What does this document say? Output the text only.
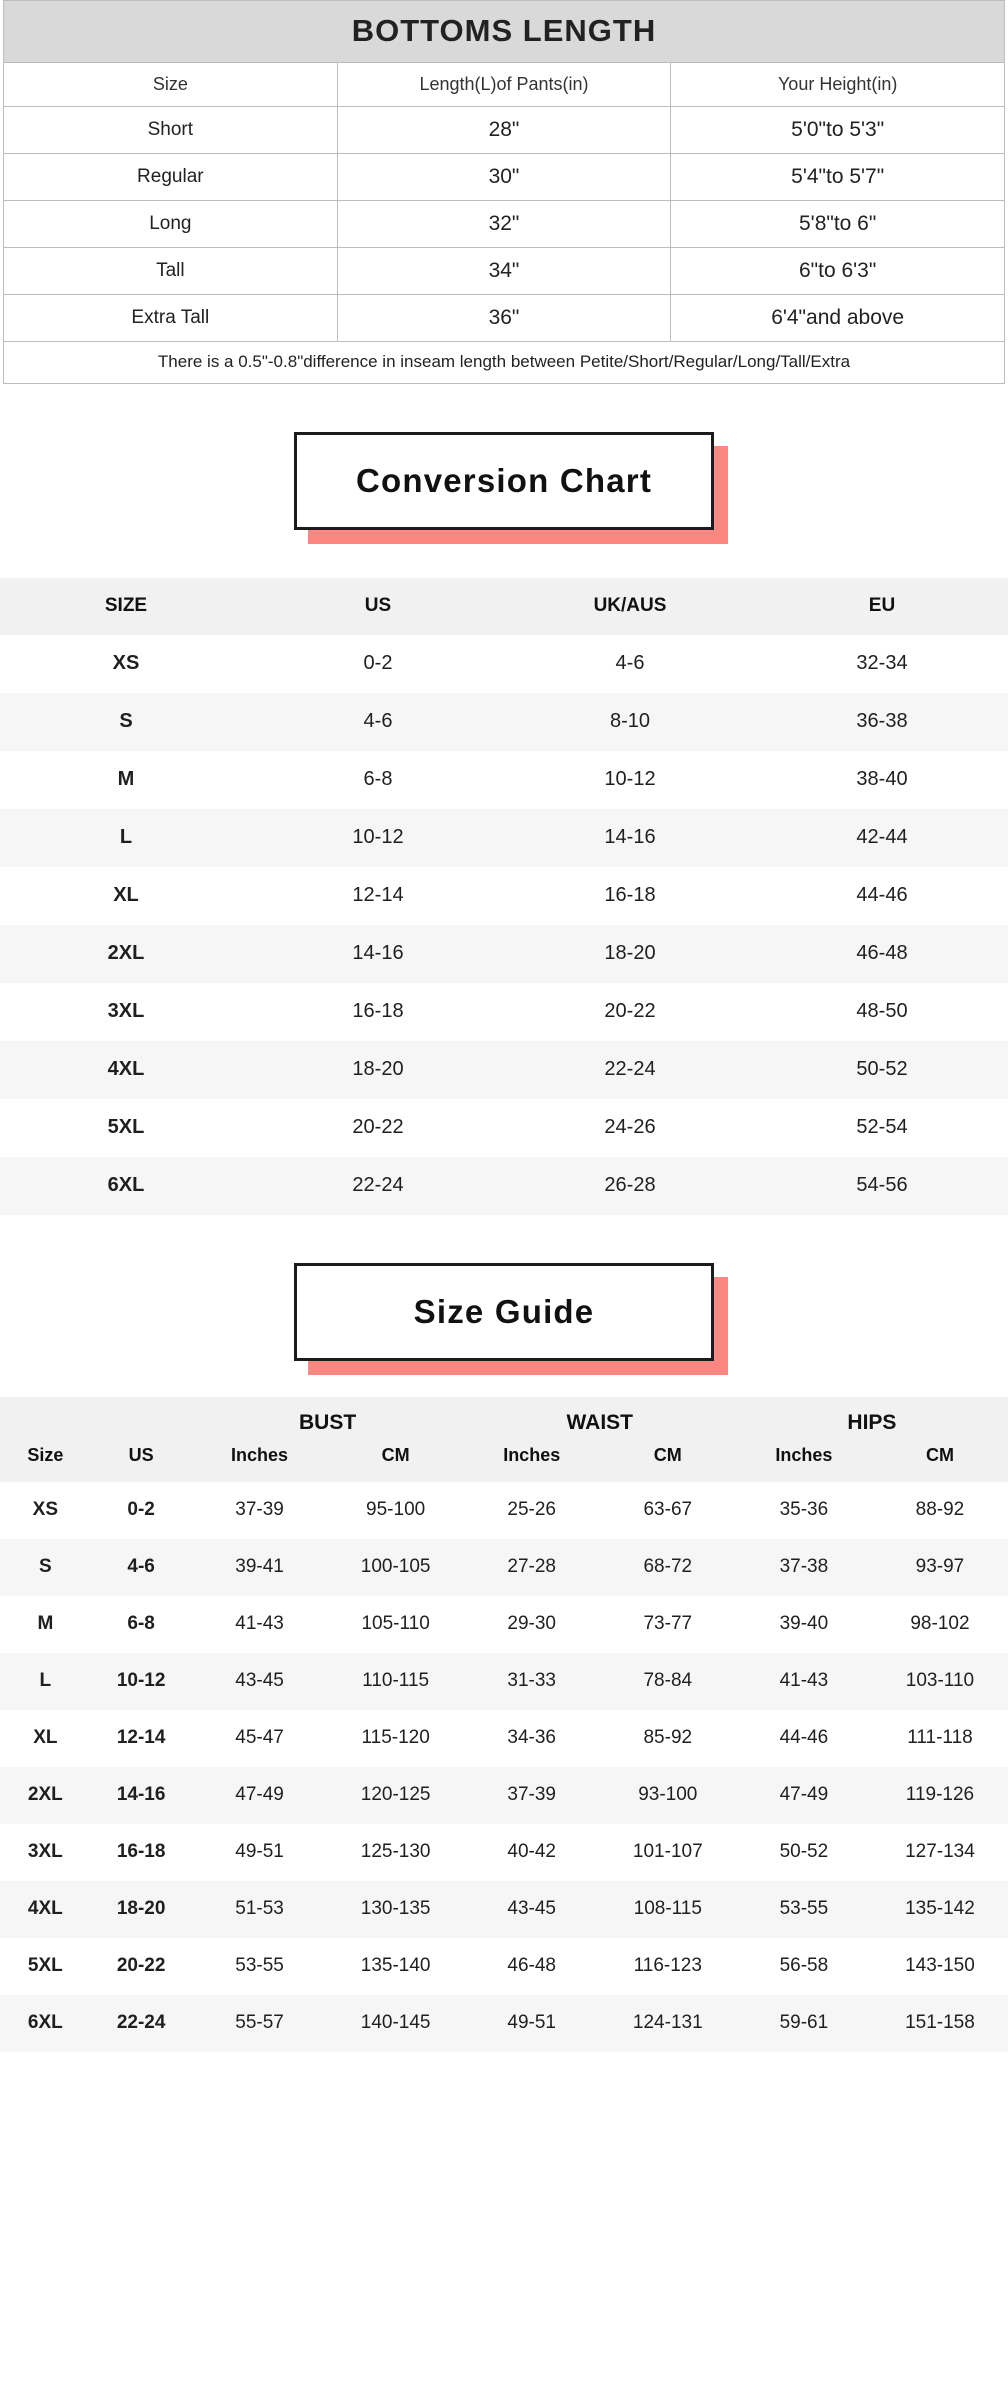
BOTTOMS LENGTH		
Size	Length(L)of Pants(in)	Your Height(in)
Short	28"	5'0"to 5'3"
Regular	30"	5'4"to 5'7"
Long	32"	5'8"to 6"
Tall	34"	6"to 6'3"
Extra Tall	36"	6'4"and above
There is a 0.5"-0.8"difference in inseam length between Petite/Short/Regular/Long/Tall/Extra		
Conversion Chart
SIZE	US	UK/AUS	EU
XS	0-2	4-6	32-34
S	4-6	8-10	36-38
M	6-8	10-12	38-40
L	10-12	14-16	42-44
XL	12-14	16-18	44-46
2XL	14-16	18-20	46-48
3XL	16-18	20-22	48-50
4XL	18-20	22-24	50-52
5XL	20-22	24-26	52-54
6XL	22-24	26-28	54-56
Size Guide
		BUST		WAIST		HIPS	
Size	US	Inches	CM	Inches	CM	Inches	CM
XS	0-2	37-39	95-100	25-26	63-67	35-36	88-92
S	4-6	39-41	100-105	27-28	68-72	37-38	93-97
M	6-8	41-43	105-110	29-30	73-77	39-40	98-102
L	10-12	43-45	110-115	31-33	78-84	41-43	103-110
XL	12-14	45-47	115-120	34-36	85-92	44-46	111-118
2XL	14-16	47-49	120-125	37-39	93-100	47-49	119-126
3XL	16-18	49-51	125-130	40-42	101-107	50-52	127-134
4XL	18-20	51-53	130-135	43-45	108-115	53-55	135-142
5XL	20-22	53-55	135-140	46-48	116-123	56-58	143-150
6XL	22-24	55-57	140-145	49-51	124-131	59-61	151-158
